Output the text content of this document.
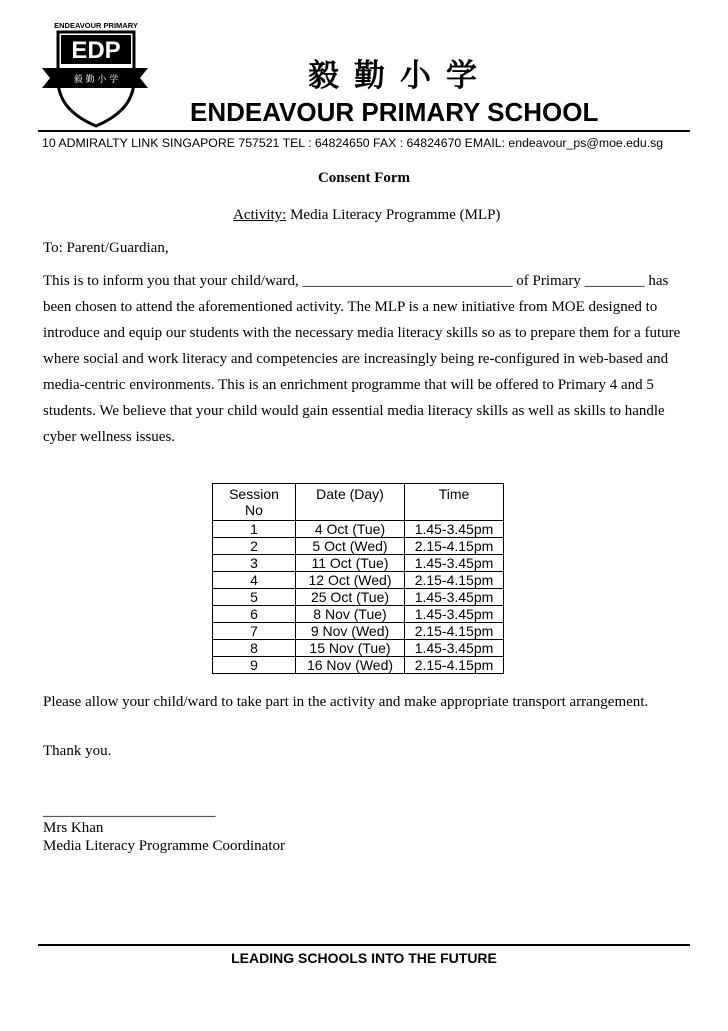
ENDEAVOUR PRIMARY
EDP
毅 勤 小 学	毅勤小学
ENDEAVOUR PRIMARY SCHOOL
10 ADMIRALTY LINK SINGAPORE 757521 TEL : 64824650 FAX : 64824670 EMAIL: endeavour_ps@moe.edu.sg
Consent Form
Activity: Media Literacy Programme (MLP)
To: Parent/Guardian,
This is to inform you that your child/ward, ____________________________ of Primary ________ has
been chosen to attend the aforementioned activity. The MLP is a new initiative from MOE designed to
introduce and equip our students with the necessary media literacy skills so as to prepare them for a future
where social and work literacy and competencies are increasingly being re-configured in web-based and
media-centric environments. This is an enrichment programme that will be offered to Primary 4 and 5
students. We believe that your child would gain essential media literacy skills as well as skills to handle
cyber wellness issues.
Session
No	Date (Day)	Time
1	4 Oct (Tue)	1.45-3.45pm
2	5 Oct (Wed)	2.15-4.15pm
3	11 Oct (Tue)	1.45-3.45pm
4	12 Oct (Wed)	2.15-4.15pm
5	25 Oct (Tue)	1.45-3.45pm
6	8 Nov (Tue)	1.45-3.45pm
7	9 Nov (Wed)	2.15-4.15pm
8	15 Nov (Tue)	1.45-3.45pm
9	16 Nov (Wed)	2.15-4.15pm
Please allow your child/ward to take part in the activity and make appropriate transport arrangement.
Thank you.
_______________________
Mrs Khan
Media Literacy Programme Coordinator
LEADING SCHOOLS INTO THE FUTURE
